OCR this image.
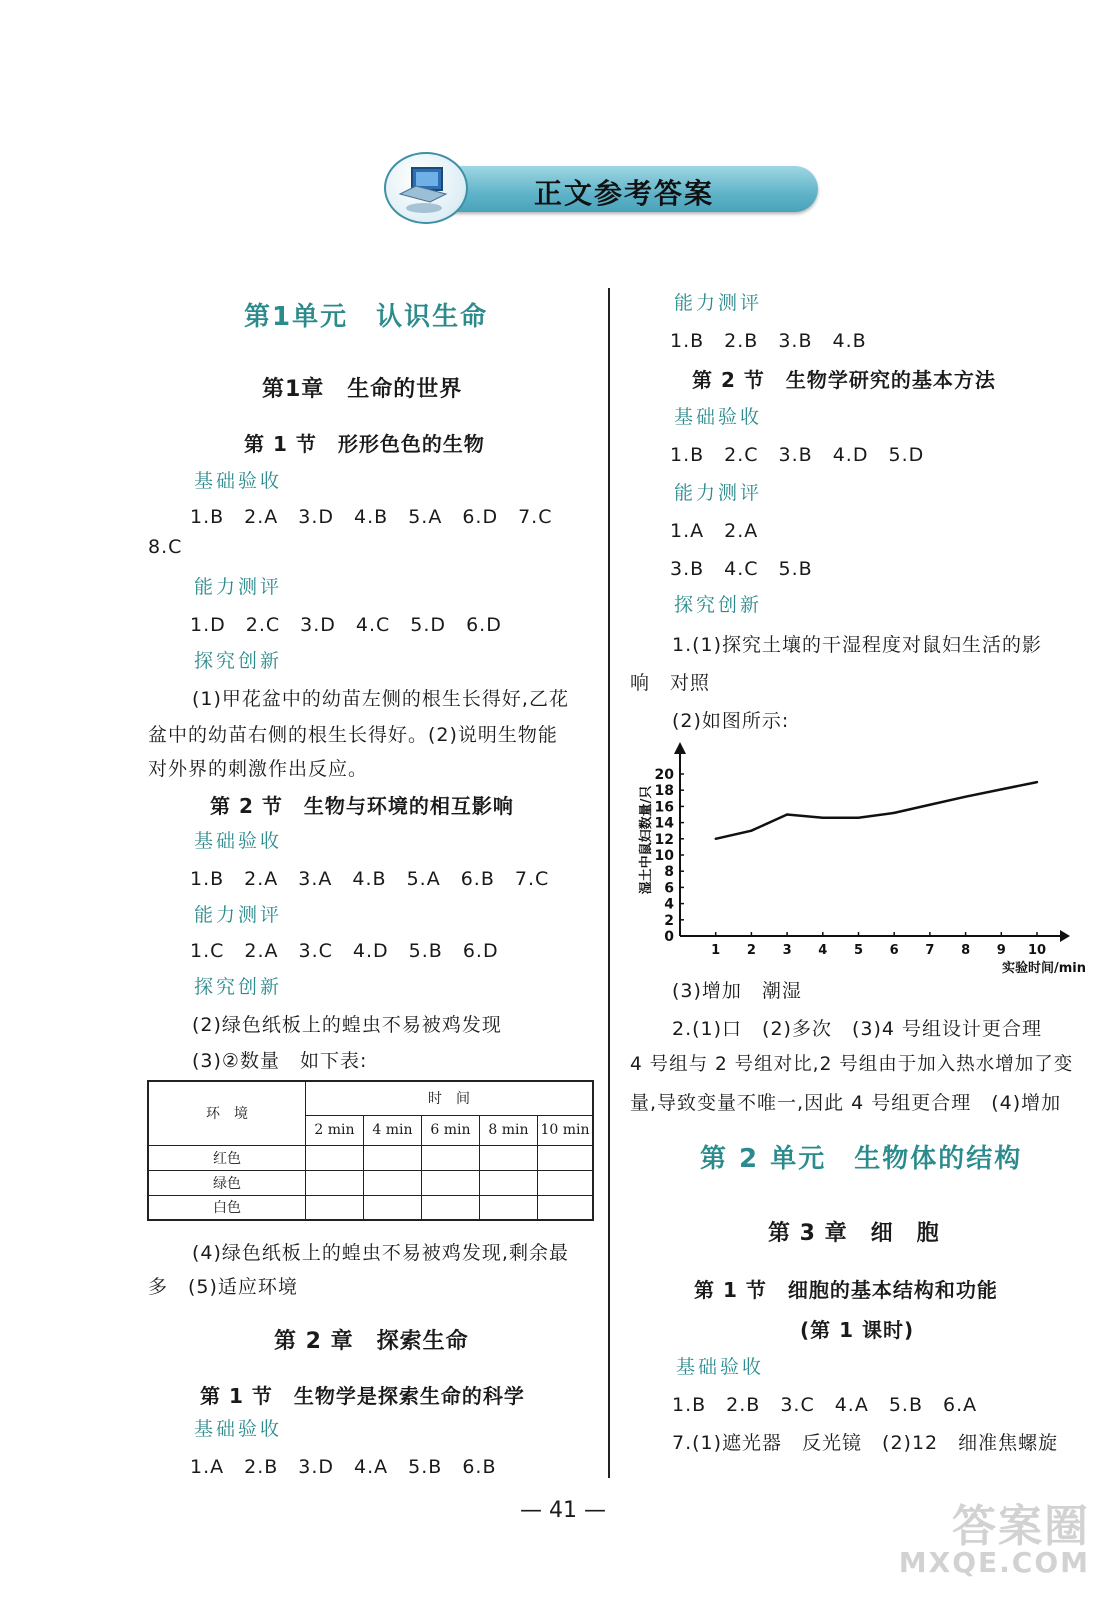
正文参考答案
第1单元　认识生命
第1章　生命的世界
第 1 节　形形色色的生物
基础验收
1.B　2.A　3.D　4.B　5.A　6.D　7.C
8.C
能力测评
1.D　2.C　3.D　4.C　5.D　6.D
探究创新
(1)甲花盆中的幼苗左侧的根生长得好,乙花
盆中的幼苗右侧的根生长得好。(2)说明生物能
对外界的刺激作出反应。
第 2 节　生物与环境的相互影响
基础验收
1.B　2.A　3.A　4.B　5.A　6.B　7.C
能力测评
1.C　2.A　3.C　4.D　5.B　6.D
探究创新
(2)绿色纸板上的蝗虫不易被鸡发现
(3)②数量　如下表:
环　境	时　间				
	2 min	4 min	6 min	8 min	10 min
红色					
绿色					
白色					
(4)绿色纸板上的蝗虫不易被鸡发现,剩余最
多　(5)适应环境
第 2 章　探索生命
第 1 节　生物学是探索生命的科学
基础验收
1.A　2.B　3.D　4.A　5.B　6.B
能力测评
1.B　2.B　3.B　4.B
第 2 节　生物学研究的基本方法
基础验收
1.B　2.C　3.B　4.D　5.D
能力测评
1.A　2.A
3.B　4.C　5.B
探究创新
1.(1)探究土壤的干湿程度对鼠妇生活的影
响　对照
(2)如图所示:
0
2
4
6
8
10
12
14
16
18
20
1 2 3 4 5 6 7 8 9 10
实验时间/min
湿土中鼠妇数量/只
(3)增加　潮湿
2.(1)口　(2)多次　(3)4 号组设计更合理
4 号组与 2 号组对比,2 号组由于加入热水增加了变
量,导致变量不唯一,因此 4 号组更合理　(4)增加
第 2 单元　生物体的结构
第 3 章　细　胞
第 1 节　细胞的基本结构和功能
(第 1 课时)
基础验收
1.B　2.B　3.C　4.A　5.B　6.A
7.(1)遮光器　反光镜　(2)12　细准焦螺旋
— 41 —	答案圈
MXQE.COM
